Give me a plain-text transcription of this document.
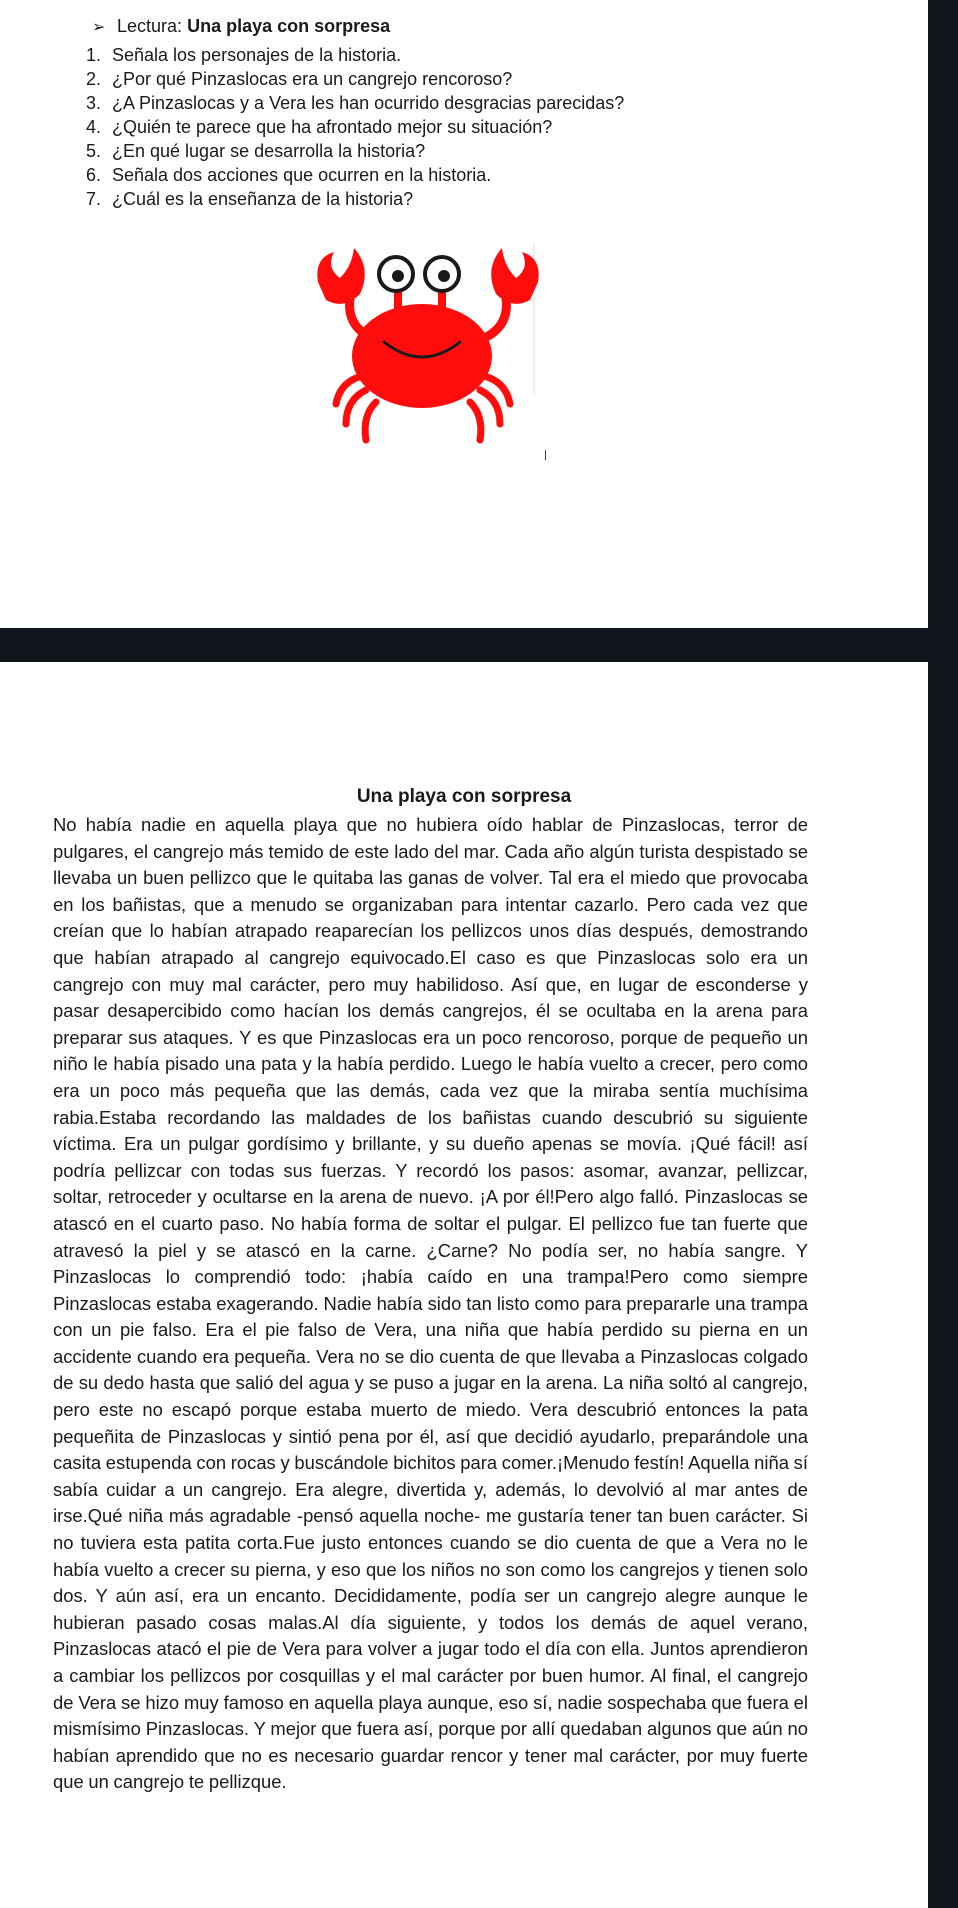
➢ Lectura: Una playa con sorpresa
1. Señala los personajes de la historia.
2. ¿Por qué Pinzaslocas era un cangrejo rencoroso?
3. ¿A Pinzaslocas y a Vera les han ocurrido desgracias parecidas?
4. ¿Quién te parece que ha afrontado mejor su situación?
5. ¿En qué lugar se desarrolla la historia?
6. Señala dos acciones que ocurren en la historia.
7. ¿Cuál es la enseñanza de la historia?
Una playa con sorpresa

No había nadie en aquella playa que no hubiera oído hablar de Pinzaslocas, terror de pulgares, el cangrejo más temido de este lado del mar. Cada año algún turista despistado se llevaba un buen pellizco que le quitaba las ganas de volver. Tal era el miedo que provocaba en los bañistas, que a menudo se organizaban para intentar cazarlo. Pero cada vez que creían que lo habían atrapado reaparecían los pellizcos unos días después, demostrando que habían atrapado al cangrejo equivocado.El caso es que Pinzaslocas solo era un cangrejo con muy mal carácter, pero muy habilidoso. Así que, en lugar de esconderse y pasar desapercibido como hacían los demás cangrejos, él se ocultaba en la arena para preparar sus ataques. Y es que Pinzaslocas era un poco rencoroso, porque de pequeño un niño le había pisado una pata y la había perdido. Luego le había vuelto a crecer, pero como era un poco más pequeña que las demás, cada vez que la miraba sentía muchísima rabia.Estaba recordando las maldades de los bañistas cuando descubrió su siguiente víctima. Era un pulgar gordísimo y brillante, y su dueño apenas se movía. ¡Qué fácil! así podría pellizcar con todas sus fuerzas. Y recordó los pasos: asomar, avanzar, pellizcar, soltar, retroceder y ocultarse en la arena de nuevo. ¡A por él!Pero algo falló. Pinzaslocas se atascó en el cuarto paso. No había forma de soltar el pulgar. El pellizco fue tan fuerte que atravesó la piel y se atascó en la carne. ¿Carne? No podía ser, no había sangre. Y Pinzaslocas lo comprendió todo: ¡había caído en una trampa!Pero como siempre Pinzaslocas estaba exagerando. Nadie había sido tan listo como para prepararle una trampa con un pie falso. Era el pie falso de Vera, una niña que había perdido su pierna en un accidente cuando era pequeña. Vera no se dio cuenta de que llevaba a Pinzaslocas colgado de su dedo hasta que salió del agua y se puso a jugar en la arena. La niña soltó al cangrejo, pero este no escapó porque estaba muerto de miedo. Vera descubrió entonces la pata pequeñita de Pinzaslocas y sintió pena por él, así que decidió ayudarlo, preparándole una casita estupenda con rocas y buscándole bichitos para comer.¡Menudo festín! Aquella niña sí sabía cuidar a un cangrejo. Era alegre, divertida y, además, lo devolvió al mar antes de irse.Qué niña más agradable -pensó aquella noche- me gustaría tener tan buen carácter. Si no tuviera esta patita corta.Fue justo entonces cuando se dio cuenta de que a Vera no le había vuelto a crecer su pierna, y eso que los niños no son como los cangrejos y tienen solo dos. Y aún así, era un encanto. Decididamente, podía ser un cangrejo alegre aunque le hubieran pasado cosas malas.Al día siguiente, y todos los demás de aquel verano, Pinzaslocas atacó el pie de Vera para volver a jugar todo el día con ella. Juntos aprendieron a cambiar los pellizcos por cosquillas y el mal carácter por buen humor. Al final, el cangrejo de Vera se hizo muy famoso en aquella playa aunque, eso sí, nadie sospechaba que fuera el mismísimo Pinzaslocas. Y mejor que fuera así, porque por allí quedaban algunos que aún no habían aprendido que no es necesario guardar rencor y tener mal carácter, por muy fuerte que un cangrejo te pellizque.
